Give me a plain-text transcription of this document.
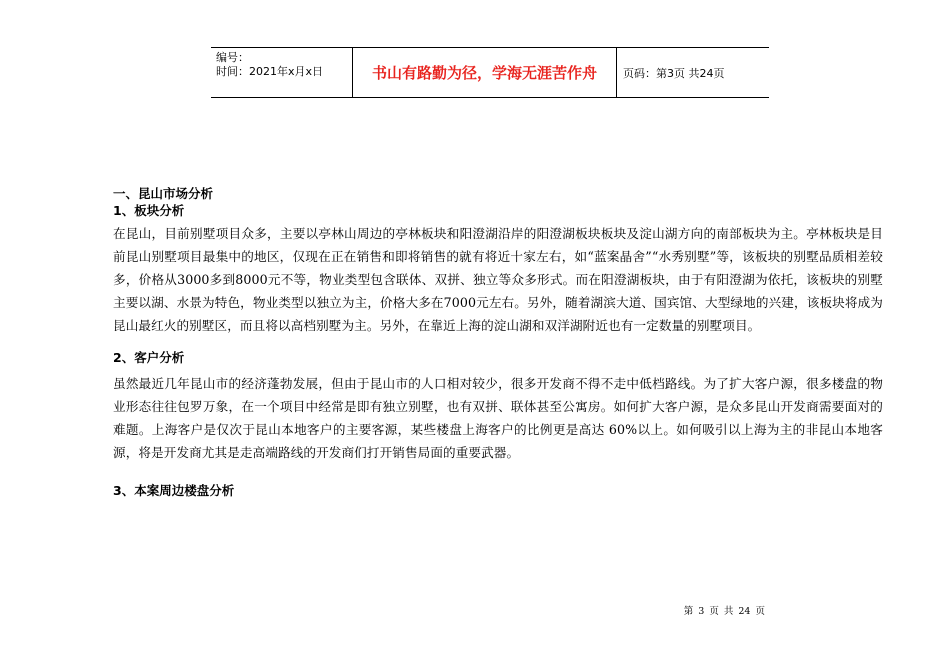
编号：
时间：2021年x月x日	书山有路勤为径，学海无涯苦作舟	页码：第3页 共24页

一、昆山市场分析

1、板块分析

在昆山，目前别墅项目众多，主要以亭林山周边的亭林板块和阳澄湖沿岸的阳澄湖板块板块及淀山湖方向的南部板块为主。亭林板块是目前昆山别墅项目最集中的地区，仅现在正在销售和即将销售的就有将近十家左右，如“蓝案晶舍”“水秀别墅”等，该板块的别墅品质相差较多，价格从3000多到8000元不等，物业类型包含联体、双拼、独立等众多形式。而在阳澄湖板块，由于有阳澄湖为依托，该板块的别墅主要以湖、水景为特色，物业类型以独立为主，价格大多在7000元左右。另外，随着湖滨大道、国宾馆、大型绿地的兴建，该板块将成为昆山最红火的别墅区，而且将以高档别墅为主。另外，在靠近上海的淀山湖和双洋湖附近也有一定数量的别墅项目。

2、客户分析

虽然最近几年昆山市的经济蓬勃发展，但由于昆山市的人口相对较少，很多开发商不得不走中低档路线。为了扩大客户源，很多楼盘的物业形态往往包罗万象，在一个项目中经常是即有独立别墅，也有双拼、联体甚至公寓房。如何扩大客户源，是众多昆山开发商需要面对的难题。上海客户是仅次于昆山本地客户的主要客源，某些楼盘上海客户的比例更是高达 60%以上。如何吸引以上海为主的非昆山本地客源，将是开发商尤其是走高端路线的开发商们打开销售局面的重要武器。

3、本案周边楼盘分析

第 3 页 共 24 页
